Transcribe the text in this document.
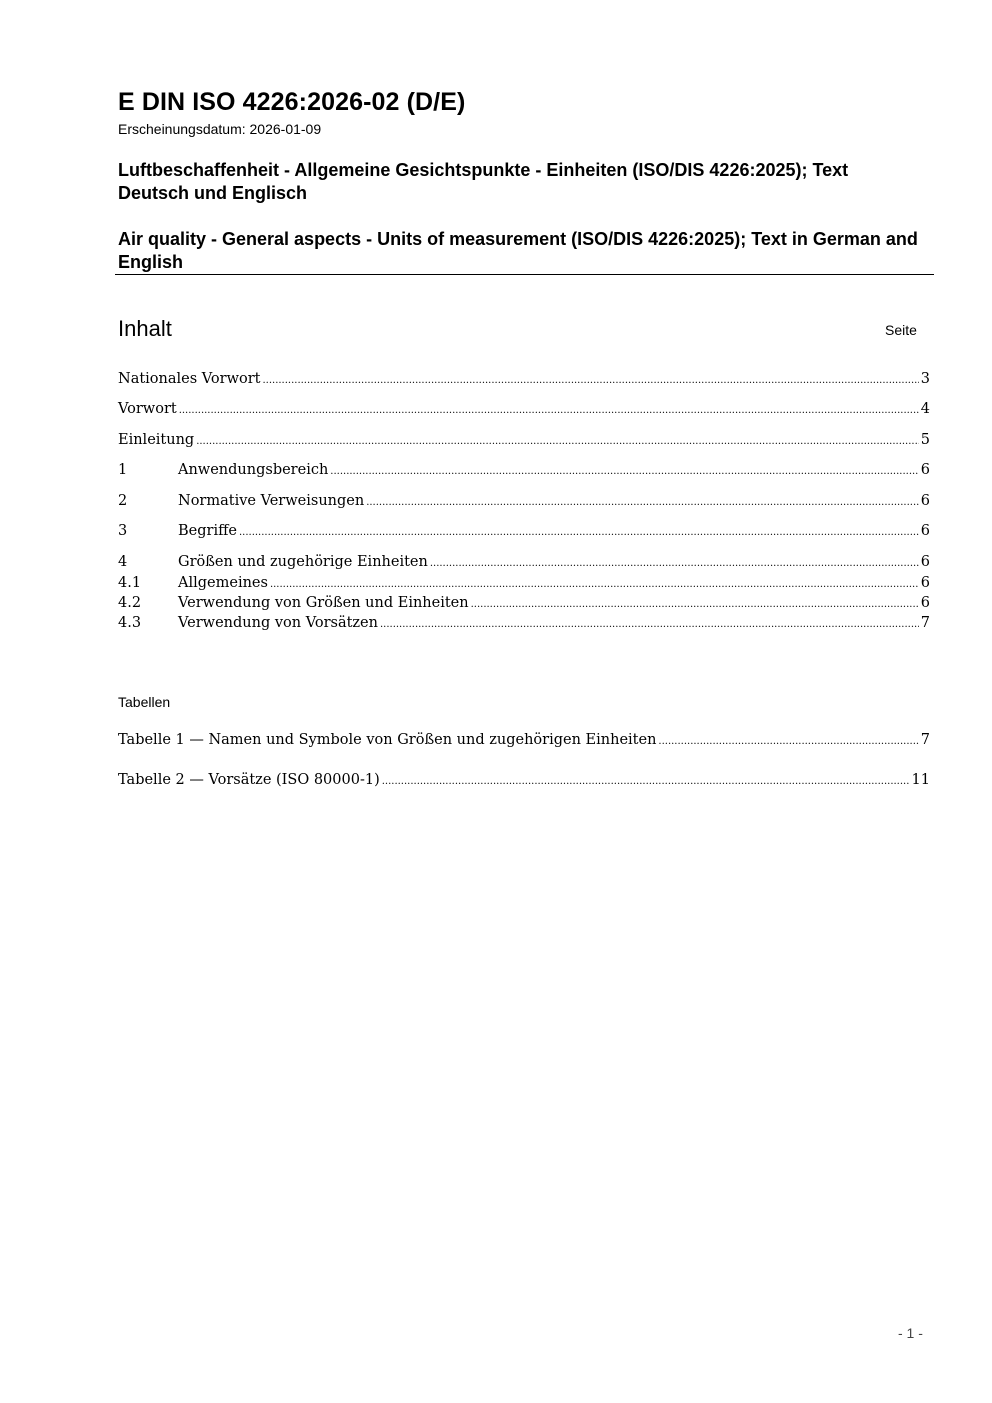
E DIN ISO 4226:2026-02 (D/E)
Erscheinungsdatum: 2026-01-09
Luftbeschaffenheit - Allgemeine Gesichtspunkte - Einheiten (ISO/DIS 4226:2025); Text Deutsch und Englisch
Air quality - General aspects - Units of measurement (ISO/DIS 4226:2025); Text in German and English
Inhalt	Seite
Nationales Vorwort .....	3
Vorwort .....	4
Einleitung .....	5
1	Anwendungsbereich .....	6
2	Normative Verweisungen .....	6
3	Begriffe .....	6
4	Größen und zugehörige Einheiten .....	6
4.1	Allgemeines .....	6
4.2	Verwendung von Größen und Einheiten .....	6
4.3	Verwendung von Vorsätzen .....	7
Tabellen
Tabelle 1 — Namen und Symbole von Größen und zugehörigen Einheiten .....	7
Tabelle 2 — Vorsätze (ISO 80000-1) .....	11
- 1 -
